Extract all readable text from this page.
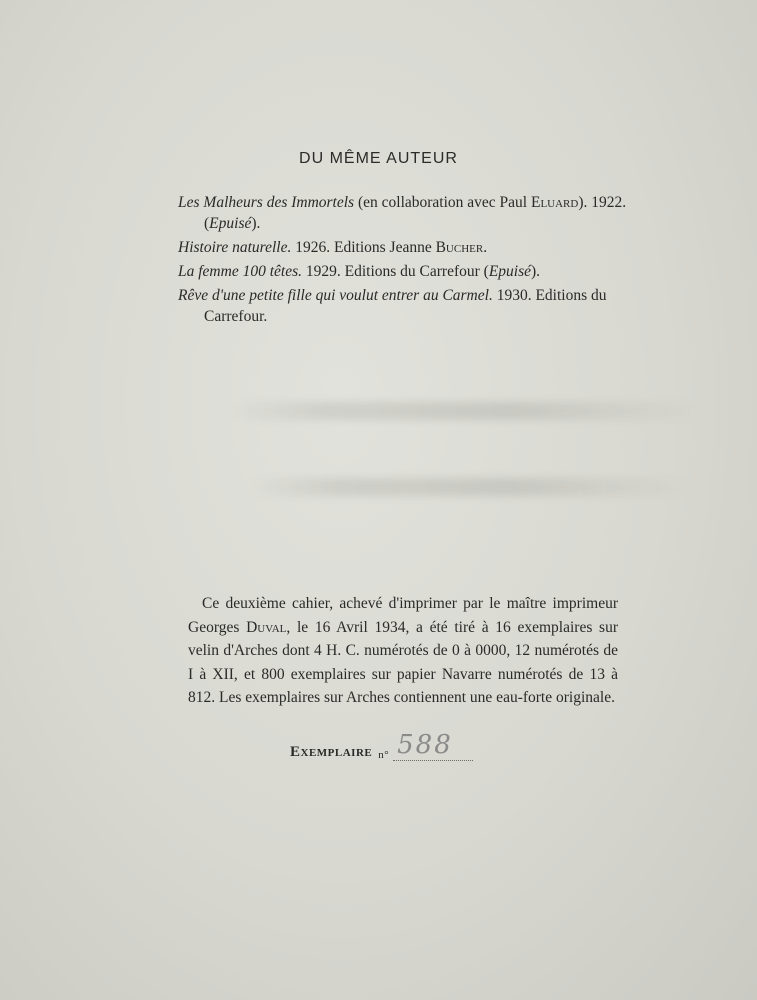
DU MÊME AUTEUR
Les Malheurs des Immortels (en collaboration avec Paul Eluard). 1922. (Epuisé).
Histoire naturelle. 1926. Editions Jeanne Bucher.
La femme 100 têtes. 1929. Editions du Carrefour (Epuisé).
Rêve d'une petite fille qui voulut entrer au Carmel. 1930. Editions du Carrefour.

Ce deuxième cahier, achevé d'imprimer par le maître imprimeur Georges Duval, le 16 Avril 1934, a été tiré à 16 exemplaires sur velin d'Arches dont 4 H. C. numérotés de 0 à 0000, 12 numérotés de I à XII, et 800 exemplaires sur papier Navarre numérotés de 13 à 812. Les exemplaires sur Arches contiennent une eau-forte originale.

Exemplaire n° 588
